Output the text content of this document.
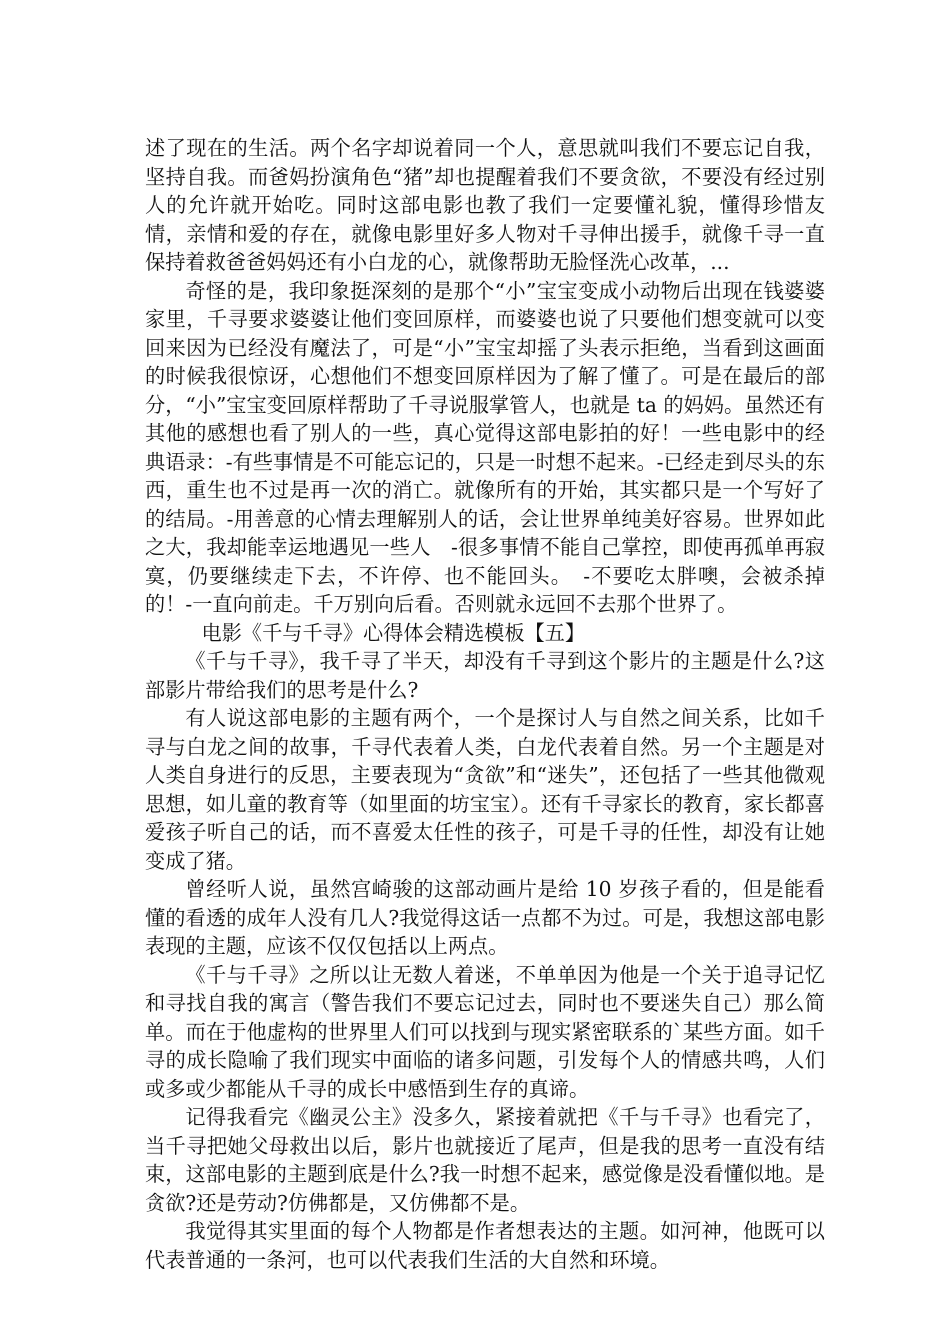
述了现在的生活。两个名字却说着同一个人，意思就叫我们不要忘记自我，坚持自我。而爸妈扮演角色“猪”却也提醒着我们不要贪欲，不要没有经过别人的允许就开始吃。同时这部电影也教了我们一定要懂礼貌，懂得珍惜友情，亲情和爱的存在，就像电影里好多人物对千寻伸出援手，就像千寻一直保持着救爸爸妈妈还有小白龙的心，就像帮助无脸怪洗心改革，...

奇怪的是，我印象挺深刻的是那个“小”宝宝变成小动物后出现在钱婆婆家里，千寻要求婆婆让他们变回原样，而婆婆也说了只要他们想变就可以变回来因为已经没有魔法了，可是“小”宝宝却摇了头表示拒绝，当看到这画面的时候我很惊讶，心想他们不想变回原样因为了解了懂了。可是在最后的部分，“小”宝宝变回原样帮助了千寻说服掌管人，也就是 ta 的妈妈。虽然还有其他的感想也看了别人的一些，真心觉得这部电影拍的好！一些电影中的经典语录：-有些事情是不可能忘记的，只是一时想不起来。-已经走到尽头的东西，重生也不过是再一次的消亡。就像所有的开始，其实都只是一个写好了的结局。-用善意的心情去理解别人的话，会让世界单纯美好容易。世界如此之大，我却能幸运地遇见一些人　-很多事情不能自己掌控，即使再孤单再寂寞，仍要继续走下去，不许停、也不能回头。　-不要吃太胖噢，会被杀掉的！-一直向前走。千万别向后看。否则就永远回不去那个世界了。

电影《千与千寻》心得体会精选模板【五】

《千与千寻》，我千寻了半天，却没有千寻到这个影片的主题是什么?这部影片带给我们的思考是什么?

有人说这部电影的主题有两个，一个是探讨人与自然之间关系，比如千寻与白龙之间的故事，千寻代表着人类，白龙代表着自然。另一个主题是对人类自身进行的反思，主要表现为“贪欲”和“迷失”，还包括了一些其他微观思想，如儿童的教育等（如里面的坊宝宝）。还有千寻家长的教育，家长都喜爱孩子听自己的话，而不喜爱太任性的孩子，可是千寻的任性，却没有让她变成了猪。

曾经听人说，虽然宫崎骏的这部动画片是给 10 岁孩子看的，但是能看懂的看透的成年人没有几人?我觉得这话一点都不为过。可是，我想这部电影表现的主题，应该不仅仅包括以上两点。

《千与千寻》之所以让无数人着迷，不单单因为他是一个关于追寻记忆和寻找自我的寓言（警告我们不要忘记过去，同时也不要迷失自己）那么简单。而在于他虚构的世界里人们可以找到与现实紧密联系的`某些方面。如千寻的成长隐喻了我们现实中面临的诸多问题，引发每个人的情感共鸣，人们或多或少都能从千寻的成长中感悟到生存的真谛。

记得我看完《幽灵公主》没多久，紧接着就把《千与千寻》也看完了，当千寻把她父母救出以后，影片也就接近了尾声，但是我的思考一直没有结束，这部电影的主题到底是什么?我一时想不起来，感觉像是没看懂似地。是贪欲?还是劳动?仿佛都是，又仿佛都不是。

我觉得其实里面的每个人物都是作者想表达的主题。如河神，他既可以代表普通的一条河，也可以代表我们生活的大自然和环境。
